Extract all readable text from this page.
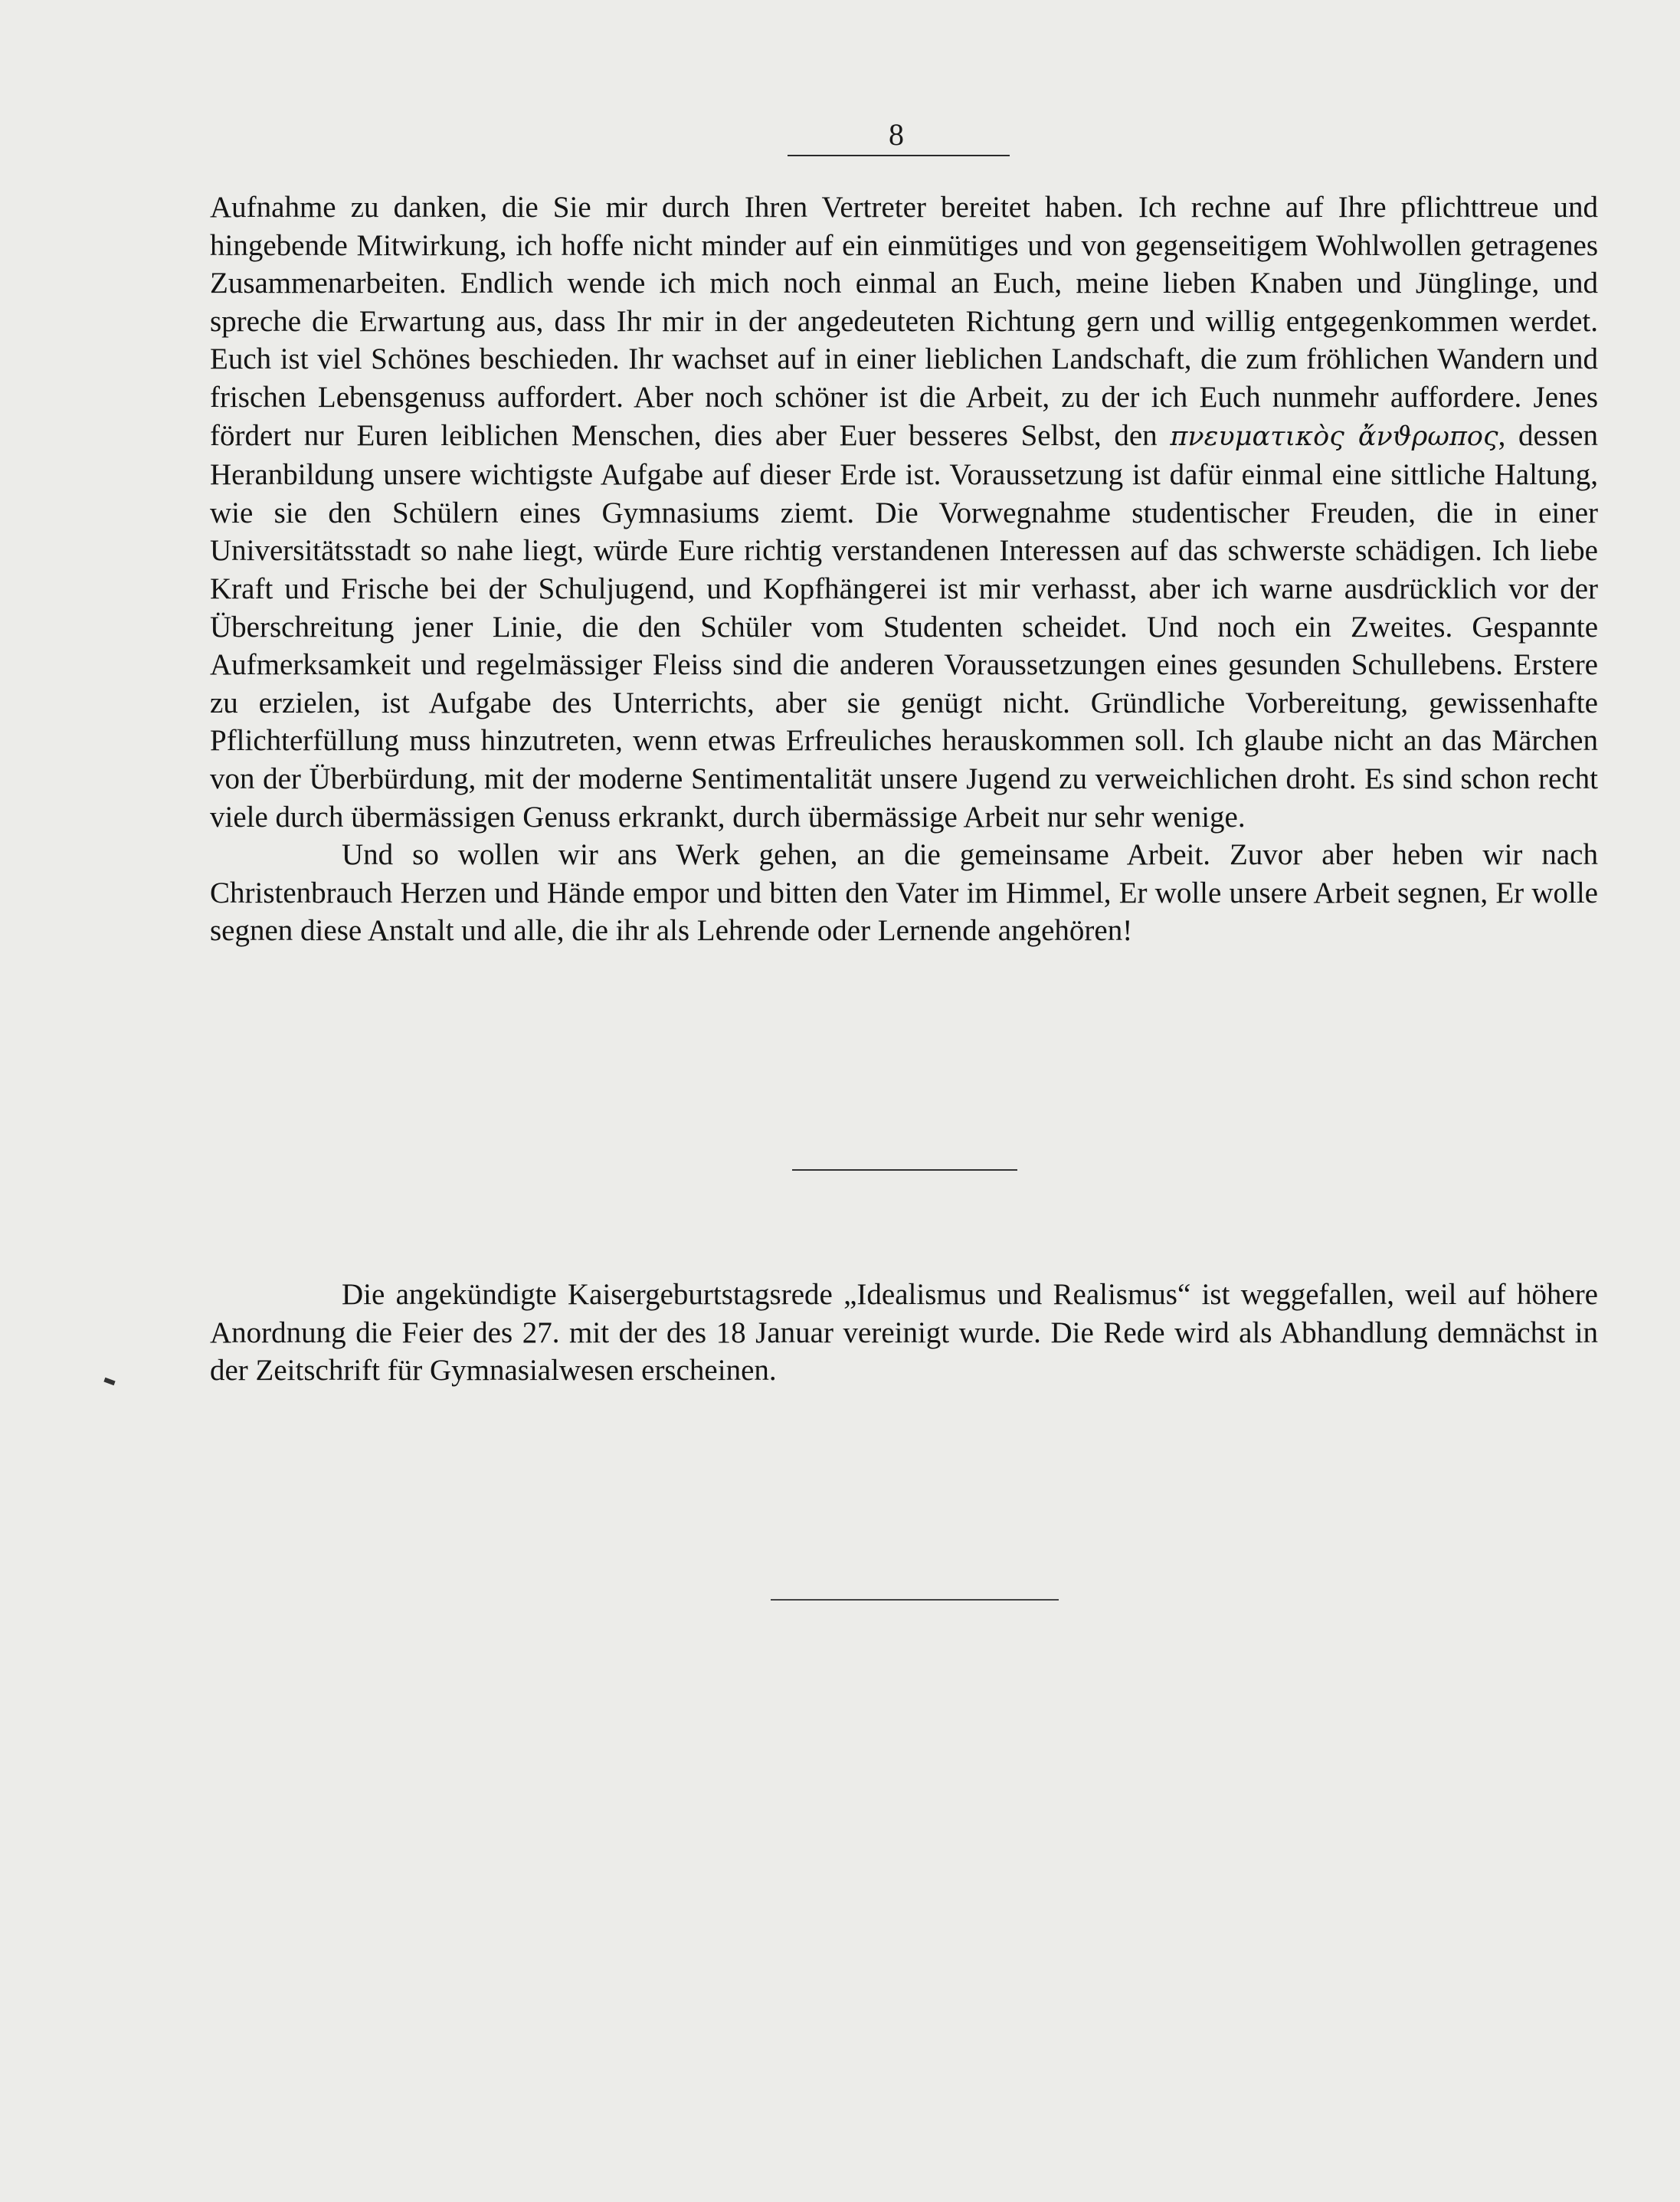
8

Aufnahme zu danken, die Sie mir durch Ihren Vertreter bereitet haben. Ich rechne auf Ihre pflichttreue und hingebende Mitwirkung, ich hoffe nicht minder auf ein einmütiges und von gegenseitigem Wohlwollen getragenes Zusammenarbeiten. Endlich wende ich mich noch einmal an Euch, meine lieben Knaben und Jünglinge, und spreche die Erwartung aus, dass Ihr mir in der angedeuteten Richtung gern und willig entgegenkommen werdet. Euch ist viel Schönes beschieden. Ihr wachset auf in einer lieblichen Landschaft, die zum fröhlichen Wandern und frischen Lebensgenuss auffordert. Aber noch schöner ist die Arbeit, zu der ich Euch nunmehr auffordere. Jenes fördert nur Euren leiblichen Menschen, dies aber Euer besseres Selbst, den πνευματικὸς ἄνϑρωπος, dessen Heranbildung unsere wichtigste Aufgabe auf dieser Erde ist. Voraussetzung ist dafür einmal eine sittliche Haltung, wie sie den Schülern eines Gymnasiums ziemt. Die Vorwegnahme studentischer Freuden, die in einer Universitätsstadt so nahe liegt, würde Eure richtig verstandenen Interessen auf das schwerste schädigen. Ich liebe Kraft und Frische bei der Schuljugend, und Kopfhängerei ist mir verhasst, aber ich warne ausdrücklich vor der Überschreitung jener Linie, die den Schüler vom Studenten scheidet. Und noch ein Zweites. Gespannte Aufmerksamkeit und regelmässiger Fleiss sind die anderen Voraussetzungen eines gesunden Schullebens. Erstere zu erzielen, ist Aufgabe des Unterrichts, aber sie genügt nicht. Gründliche Vorbereitung, gewissenhafte Pflichterfüllung muss hinzutreten, wenn etwas Erfreuliches herauskommen soll. Ich glaube nicht an das Märchen von der Überbürdung, mit der moderne Sentimentalität unsere Jugend zu verweichlichen droht. Es sind schon recht viele durch übermässigen Genuss erkrankt, durch übermässige Arbeit nur sehr wenige.

Und so wollen wir ans Werk gehen, an die gemeinsame Arbeit. Zuvor aber heben wir nach Christenbrauch Herzen und Hände empor und bitten den Vater im Himmel, Er wolle unsere Arbeit segnen, Er wolle segnen diese Anstalt und alle, die ihr als Lehrende oder Lernende angehören!

Die angekündigte Kaisergeburtstagsrede „Idealismus und Realismus“ ist weggefallen, weil auf höhere Anordnung die Feier des 27. mit der des 18 Januar vereinigt wurde. Die Rede wird als Abhandlung demnächst in der Zeitschrift für Gymnasialwesen erscheinen.
